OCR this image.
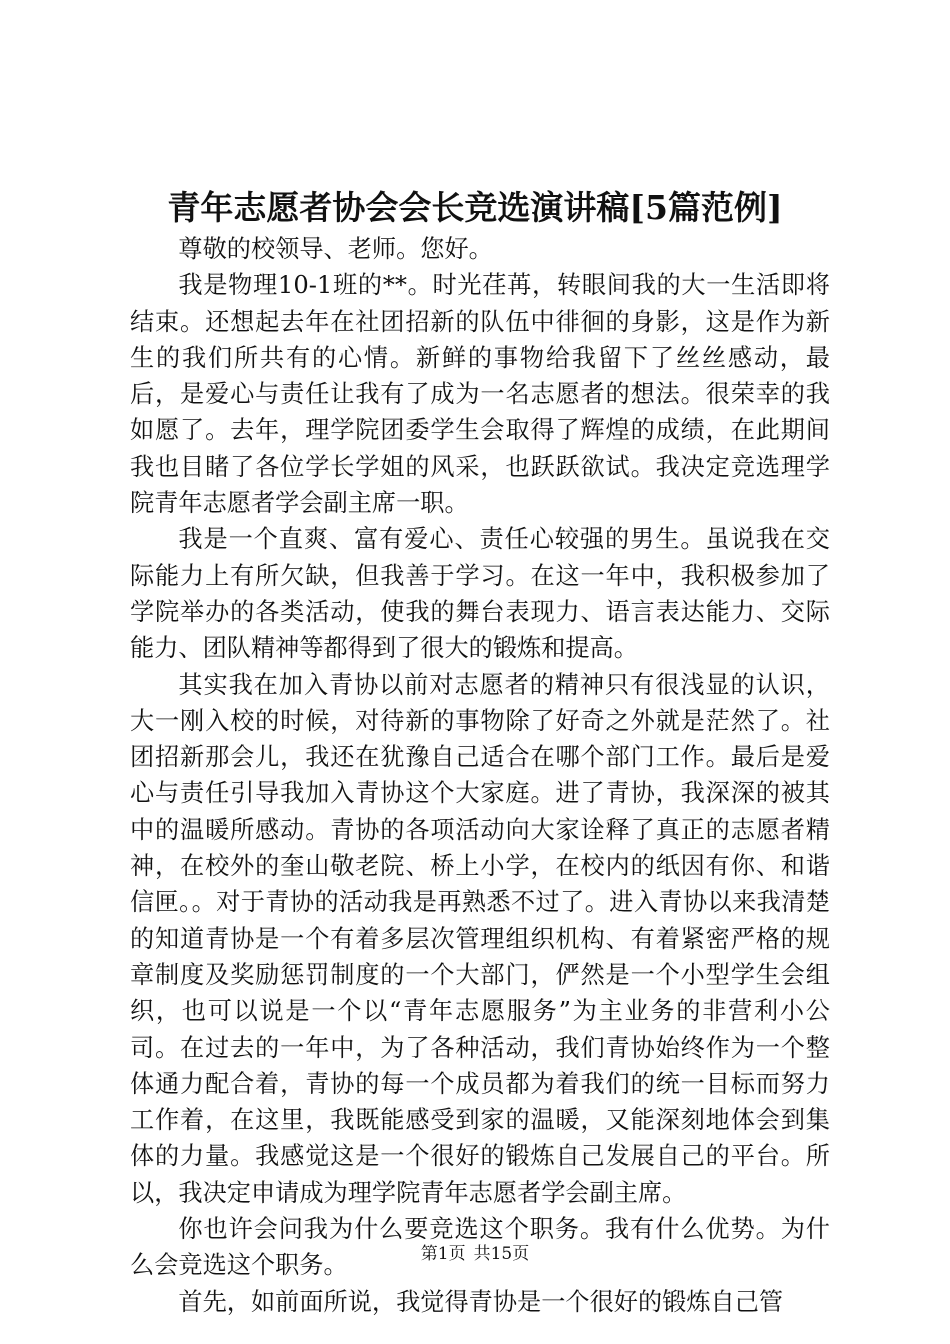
青年志愿者协会会长竞选演讲稿[5篇范例]

尊敬的校领导、老师。您好。

我是物理10-1班的**。时光荏苒，转眼间我的大一生活即将结束。还想起去年在社团招新的队伍中徘徊的身影，这是作为新生的我们所共有的心情。新鲜的事物给我留下了丝丝感动，最后，是爱心与责任让我有了成为一名志愿者的想法。很荣幸的我如愿了。去年，理学院团委学生会取得了辉煌的成绩，在此期间我也目睹了各位学长学姐的风采，也跃跃欲试。我决定竞选理学院青年志愿者学会副主席一职。

我是一个直爽、富有爱心、责任心较强的男生。虽说我在交际能力上有所欠缺，但我善于学习。在这一年中，我积极参加了学院举办的各类活动，使我的舞台表现力、语言表达能力、交际能力、团队精神等都得到了很大的锻炼和提高。

其实我在加入青协以前对志愿者的精神只有很浅显的认识，大一刚入校的时候，对待新的事物除了好奇之外就是茫然了。社团招新那会儿，我还在犹豫自己适合在哪个部门工作。最后是爱心与责任引导我加入青协这个大家庭。进了青协，我深深的被其中的温暖所感动。青协的各项活动向大家诠释了真正的志愿者精神，在校外的奎山敬老院、桥上小学，在校内的纸因有你、和谐信匣。。对于青协的活动我是再熟悉不过了。进入青协以来我清楚的知道青协是一个有着多层次管理组织机构、有着紧密严格的规章制度及奖励惩罚制度的一个大部门，俨然是一个小型学生会组织，也可以说是一个以“青年志愿服务”为主业务的非营利小公司。在过去的一年中，为了各种活动，我们青协始终作为一个整体通力配合着，青协的每一个成员都为着我们的统一目标而努力工作着，在这里，我既能感受到家的温暖，又能深刻地体会到集体的力量。我感觉这是一个很好的锻炼自己发展自己的平台。所以，我决定申请成为理学院青年志愿者学会副主席。

你也许会问我为什么要竞选这个职务。我有什么优势。为什么会竞选这个职务。

首先，如前面所说，我觉得青协是一个很好的锻炼自己管

第1页 共15页
